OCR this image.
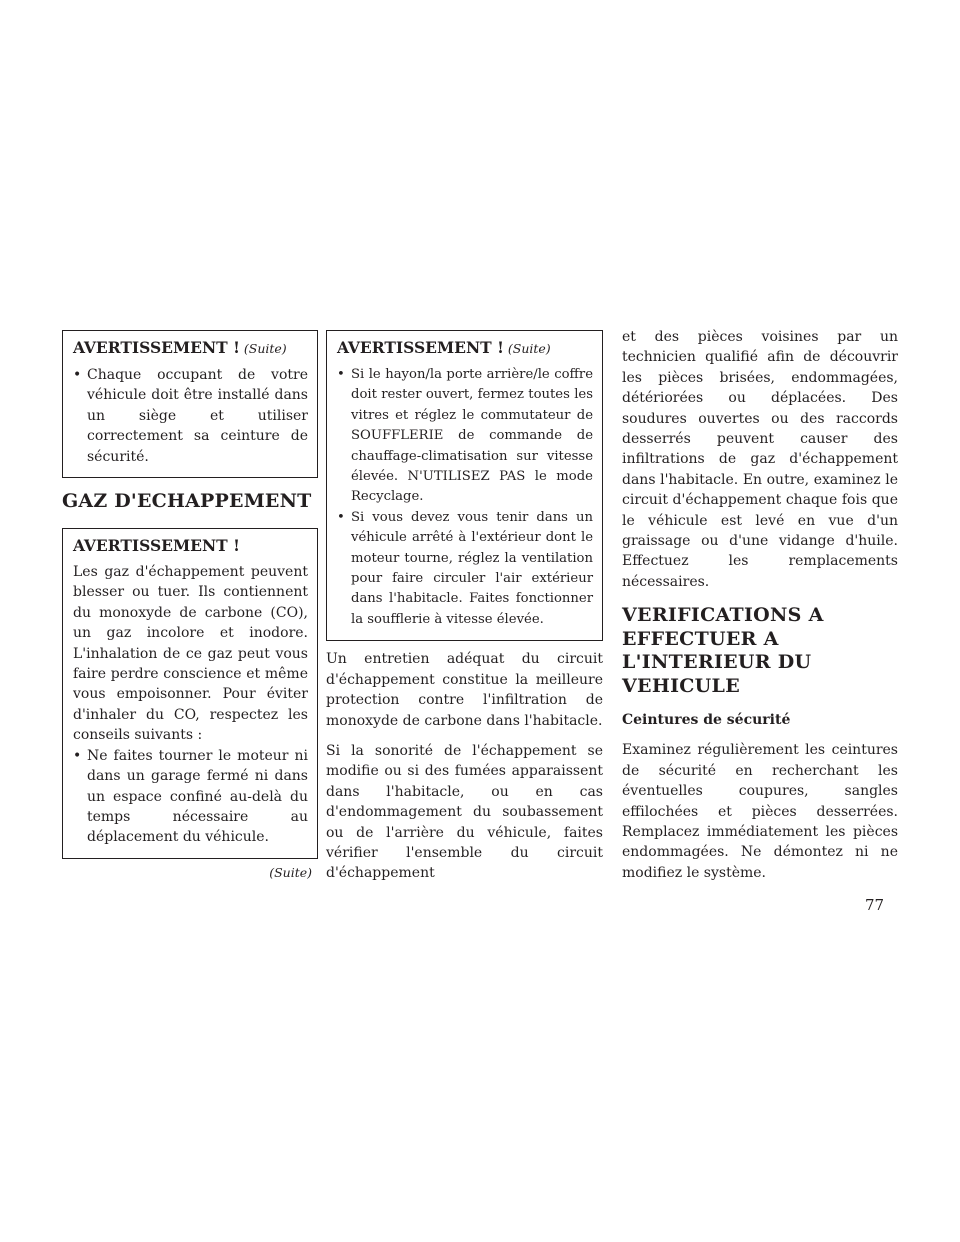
AVERTISSEMENT ! (Suite)
• Chaque occupant de votre véhicule doit être installé dans un siège et utiliser correctement sa ceinture de sécurité.
GAZ D'ECHAPPEMENT
AVERTISSEMENT !

Les gaz d'échappement peuvent blesser ou tuer. Ils contiennent du monoxyde de carbone (CO), un gaz incolore et inodore. L'inhalation de ce gaz peut vous faire perdre conscience et même vous empoisonner. Pour éviter d'inhaler du CO, respectez les conseils suivants :

• Ne faites tourner le moteur ni dans un garage fermé ni dans un espace confiné au-delà du temps nécessaire au déplacement du véhicule.
(Suite)
AVERTISSEMENT ! (Suite)
• Si le hayon/la porte arrière/le coffre doit rester ouvert, fermez toutes les vitres et réglez le commutateur de SOUFFLERIE de commande de chauffage-climatisation sur vitesse élevée. N'UTILISEZ PAS le mode Recyclage.
• Si vous devez vous tenir dans un véhicule arrêté à l'extérieur dont le moteur tourne, réglez la ventilation pour faire circuler l'air extérieur dans l'habitacle. Faites fonctionner la soufflerie à vitesse élevée.

Un entretien adéquat du circuit d'échappement constitue la meilleure protection contre l'infiltration de monoxyde de carbone dans l'habitacle.

Si la sonorité de l'échappement se modifie ou si des fumées apparaissent dans l'habitacle, ou en cas d'endommagement du soubassement ou de l'arrière du véhicule, faites vérifier l'ensemble du circuit d'échappement

et des pièces voisines par un technicien qualifié afin de découvrir les pièces brisées, endommagées, détériorées ou déplacées. Des soudures ouvertes ou des raccords desserrés peuvent causer des infiltrations de gaz d'échappement dans l'habitacle. En outre, examinez le circuit d'échappement chaque fois que le véhicule est levé en vue d'un graissage ou d'une vidange d'huile. Effectuez les remplacements nécessaires.

VERIFICATIONS A
EFFECTUER A
L'INTERIEUR DU
VEHICULE
Ceintures de sécurité

Examinez régulièrement les ceintures de sécurité en recherchant les éventuelles coupures, sangles effilochées et pièces desserrées. Remplacez immédiatement les pièces endommagées. Ne démontez ni ne modifiez le système.

77
